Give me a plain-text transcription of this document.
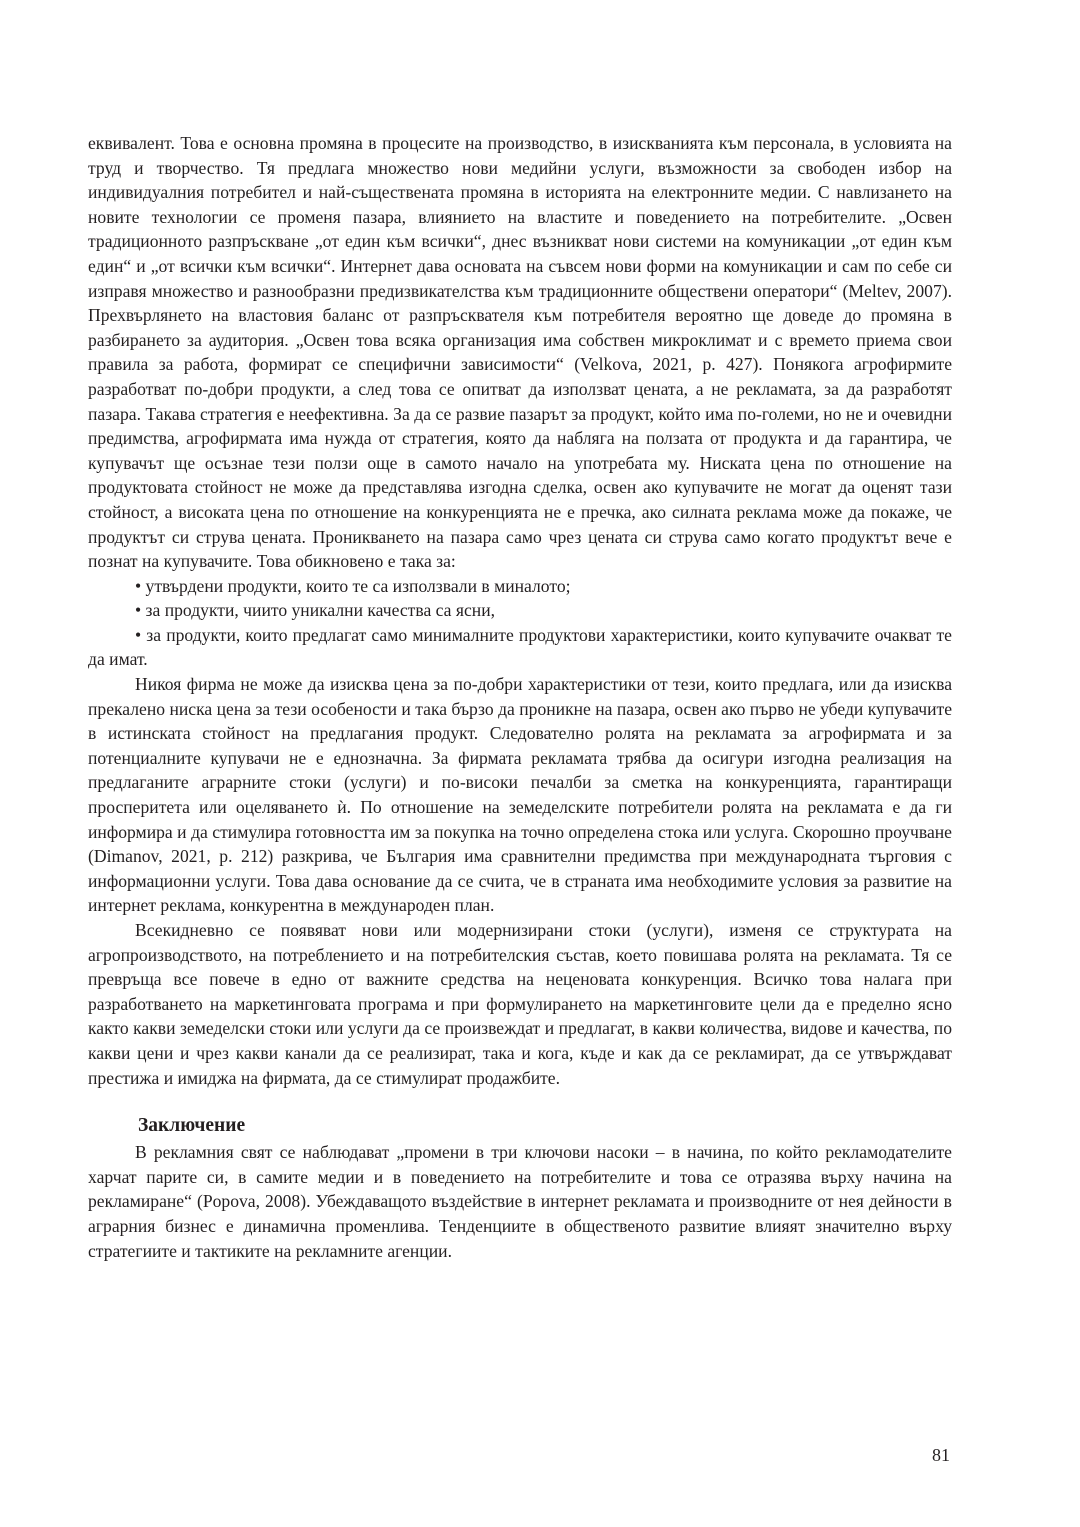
еквивалент. Това е основна промяна в процесите на производство, в изискванията към персонала, в условията на труд и творчество. Тя предлага множество нови медийни услуги, възможности за свободен избор на индивидуалния потребител и най-съществената промяна в историята на електронните медии. С навлизането на новите технологии се променя пазара, влиянието на властите и поведението на потребителите. „Освен традиционното разпръскване „от един към всички“, днес възникват нови системи на комуникации „от един към един“ и „от всички към всички“. Интернет дава основата на съвсем нови форми на комуникации и сам по себе си изправя множество и разнообразни предизвикателства към традиционните обществени оператори“ (Meltev, 2007). Прехвърлянето на властовия баланс от разпръсквателя към потребителя вероятно ще доведе до промяна в разбирането за аудитория. „Освен това всяка организация има собствен микроклимат и с времето приема свои правила за работа, формират се специфични зависимости“ (Velkova, 2021, p. 427). Понякога агрофирмите разработват по-добри продукти, а след това се опитват да използват цената, а не рекламата, за да разработят пазара. Такава стратегия е неефективна. За да се развие пазарът за продукт, който има по-големи, но не и очевидни предимства, агрофирмата има нужда от стратегия, която да наблягa на ползата от продукта и да гарантира, че купувачът ще осъзнае тези ползи още в самото начало на употребата му. Ниската цена по отношение на продуктовата стойност не може да представлява изгодна сделка, освен ако купувачите не могат да оценят тази стойност, а високата цена по отношение на конкуренцията не е пречка, ако силната реклама може да покаже, че продуктът си струва цената. Проникването на пазара само чрез цената си струва само когато продуктът вече е познат на купувачите. Това обикновено е така за:

• утвърдени продукти, които те са използвали в миналото;
• за продукти, чиито уникални качества са ясни,
• за продукти, които предлагат само минималните продуктови характеристики, които купувачите очакват те да имат.

Никоя фирма не може да изисква цена за по-добри характеристики от тези, които предлага, или да изисква прекалено ниска цена за тези особености и така бързо да проникне на пазара, освен ако първо не убеди купувачите в истинската стойност на предлагания продукт. Следователно ролята на рекламата за агрофирмата и за потенциалните купувачи не е еднозначна. За фирмата рекламата трябва да осигури изгодна реализация на предлаганите аграрните стоки (услуги) и по-високи печалби за сметка на конкуренцията, гарантиращи просперитета или оцеляването ѝ. По отношение на земеделските потребители ролята на рекламата е да ги информира и да стимулира готовността им за покупка на точно определена стока или услуга. Скорошно проучване (Dimanov, 2021, p. 212) разкрива, че България има сравнителни предимства при международната търговия с информационни услуги. Това дава основание да се счита, че в страната има необходимите условия за развитие на интернет реклама, конкурентна в международен план.

Всекидневно се появяват нови или модернизирани стоки (услуги), изменя се структурата на агропроизводството, на потреблението и на потребителския състав, което повишава ролята на рекламата. Тя се превръща все повече в едно от важните средства на неценовата конкуренция. Всичко това налага при разработването на маркетинговата програма и при формулирането на маркетинговите цели да е пределно ясно както какви земеделски стоки или услуги да се произвеждат и предлагат, в какви количества, видове и качества, по какви цени и чрез какви канали да се реализират, така и кога, къде и как да се рекламират, да се утвърждават престижа и имиджа на фирмата, да се стимулират продажбите.

Заключение

В рекламния свят се наблюдават „промени в три ключови насоки – в начина, по който рекламодателите харчат парите си, в самите медии и в поведението на потребителите и това се отразява върху начина на рекламиране“ (Popova, 2008). Убеждаващото въздействие в интернет рекламата и производните от нея дейности в аграрния бизнес е динамична променлива. Тенденциите в общественото развитие влияят значително върху стратегиите и тактиките на рекламните агенции.

81
